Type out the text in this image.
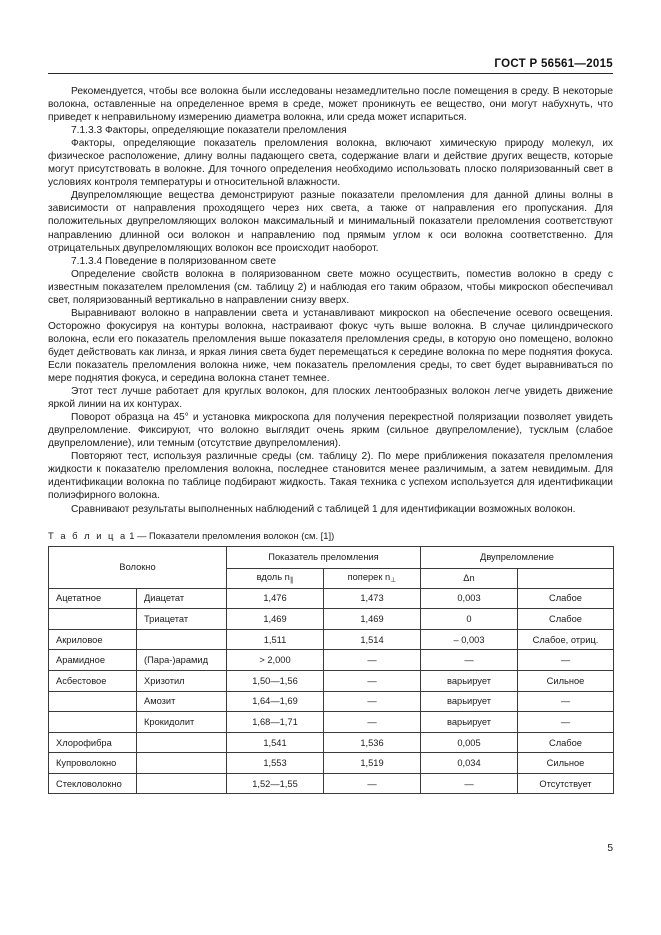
ГОСТ Р 56561—2015

Рекомендуется, чтобы все волокна были исследованы незамедлительно после помещения в среду. В некоторые волокна, оставленные на определенное время в среде, может проникнуть ее вещество, они могут набухнуть, что приведет к неправильному измерению диаметра волокна, или среда может испариться.

7.1.3.3 Факторы, определяющие показатели преломления

Факторы, определяющие показатель преломления волокна, включают химическую природу молекул, их физическое расположение, длину волны падающего света, содержание влаги и действие других веществ, которые могут присутствовать в волокне. Для точного определения необходимо использовать плоско поляризованный свет в условиях контроля температуры и относительной влажности.

Двупреломляющие вещества демонстрируют разные показатели преломления для данной длины волны в зависимости от направления проходящего через них света, а также от направления его пропускания. Для положительных двупреломляющих волокон максимальный и минимальный показатели преломления соответствуют направлению длинной оси волокон и направлению под прямым углом к оси волокна соответственно. Для отрицательных двупреломляющих волокон все происходит наоборот.

7.1.3.4 Поведение в поляризованном свете

Определение свойств волокна в поляризованном свете можно осуществить, поместив волокно в среду с известным показателем преломления (см. таблицу 2) и наблюдая его таким образом, чтобы микроскоп обеспечивал свет, поляризованный вертикально в направлении снизу вверх.

Выравнивают волокно в направлении света и устанавливают микроскоп на обеспечение осевого освещения. Осторожно фокусируя на контуры волокна, настраивают фокус чуть выше волокна. В случае цилиндрического волокна, если его показатель преломления выше показателя преломления среды, в которую оно помещено, волокно будет действовать как линза, и яркая линия света будет перемещаться к середине волокна по мере поднятия фокуса. Если показатель преломления волокна ниже, чем показатель преломления среды, то свет будет выравниваться по мере поднятия фокуса, и середина волокна станет темнее.

Этот тест лучше работает для круглых волокон, для плоских лентообразных волокон легче увидеть движение яркой линии на их контурах.

Поворот образца на 45° и установка микроскопа для получения перекрестной поляризации позволяет увидеть двупреломление. Фиксируют, что волокно выглядит очень ярким (сильное двупреломление), тусклым (слабое двупреломление), или темным (отсутствие двупреломления).

Повторяют тест, используя различные среды (см. таблицу 2). По мере приближения показателя преломления жидкости к показателю преломления волокна, последнее становится менее различимым, а затем невидимым. Для идентификации волокна по таблице подбирают жидкость. Такая техника с успехом используется для идентификации полиэфирного волокна.

Сравнивают результаты выполненных наблюдений с таблицей 1 для идентификации возможных волокон.

Т а б л и ц а 1 — Показатели преломления волокон (см. [1])
Волокно		Показатель преломления		Двупреломление	
		вдоль $n_\parallel$	поперек $n_\perp$	Δn	
Ацетатное	Диацетат	1,476	1,473	0,003	Слабое
	Триацетат	1,469	1,469	0	Слабое
Акриловое		1,511	1,514	– 0,003	Слабое, отриц.
Арамидное	(Пара-)арамид	> 2,000	—	—	—
Асбестовое	Хризотил	1,50—1,56	—	варьирует	Сильное
	Амозит	1,64—1,69	—	варьирует	—
	Крокидолит	1,68—1,71	—	варьирует	—
Хлорофибра		1,541	1,536	0,005	Слабое
Купроволокно		1,553	1,519	0,034	Сильное
Стекловолокно		1,52—1,55	—	—	Отсутствует
5
